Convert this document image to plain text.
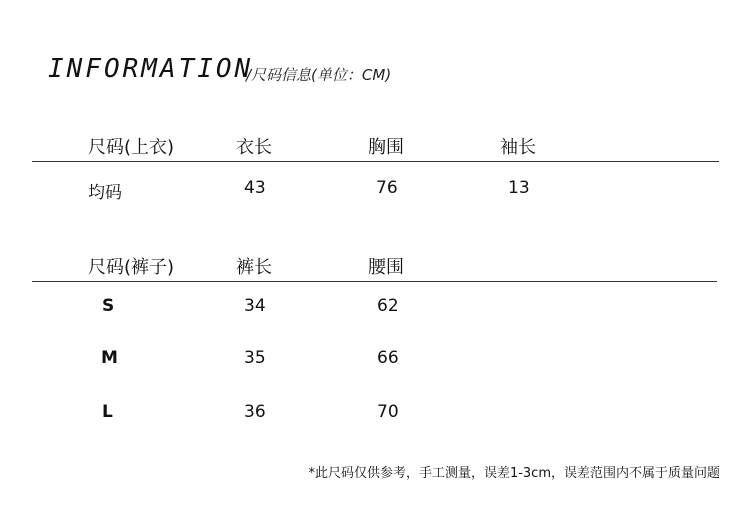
INFORMATION
/尺码信息(单位：CM)
尺码(上衣)	衣长	胸围	袖长
均码	43	76	13
尺码(裤子)	裤长	腰围
S	34	62
M	35	66
L	36	70
*此尺码仅供参考，手工测量，误差1-3cm，误差范围内不属于质量问题
